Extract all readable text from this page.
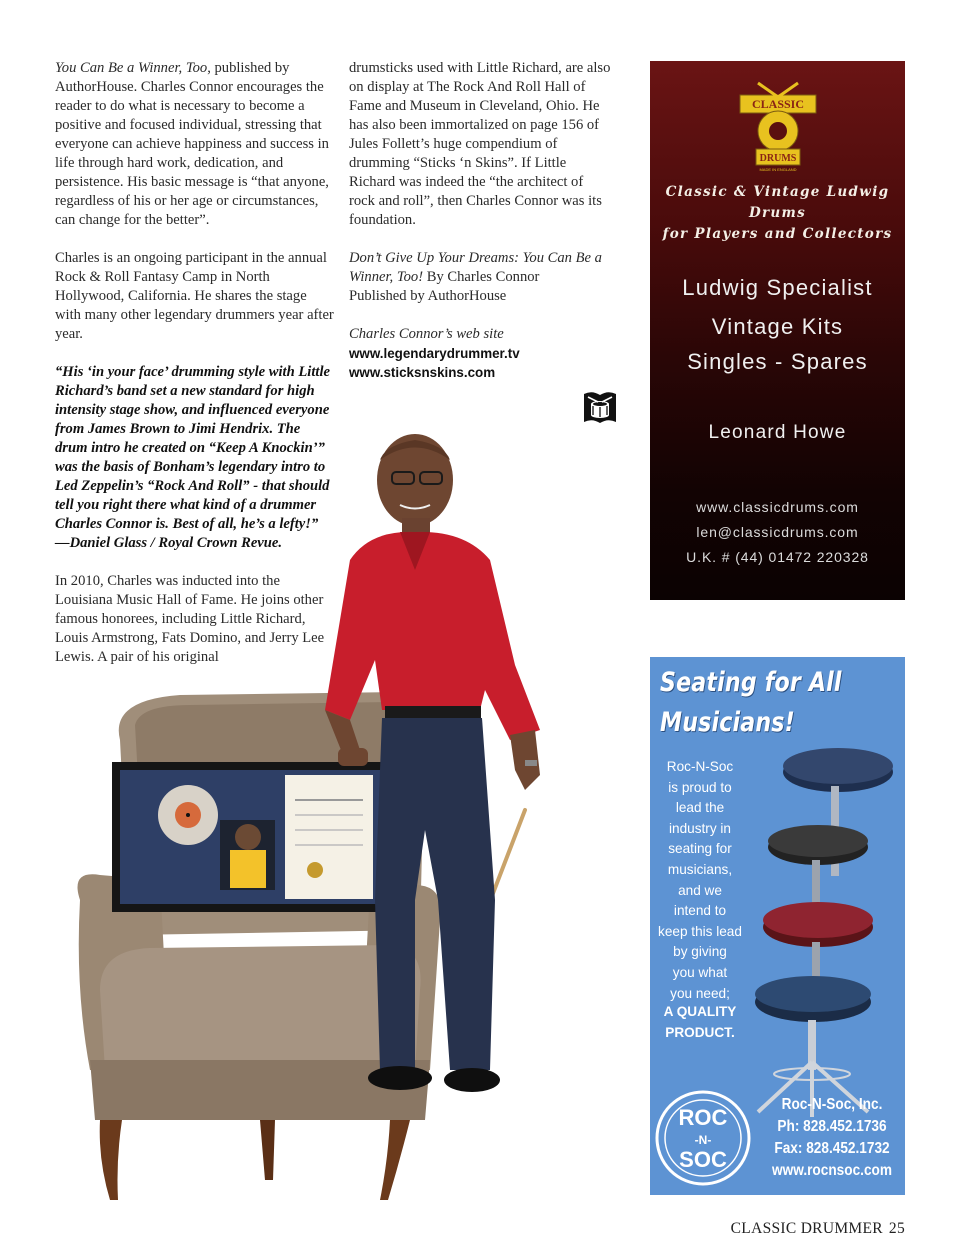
You Can Be a Winner, Too, published by AuthorHouse. Charles Connor encourages the reader to do what is necessary to become a positive and focused individual, stressing that everyone can achieve happiness and success in life through hard work, dedication, and persistence. His basic message is “that anyone, regardless of his or her age or circumstances, can change for the better”.

Charles is an ongoing participant in the annual Rock & Roll Fantasy Camp in North Hollywood, California. He shares the stage with many other legendary drummers year after year.

“His ‘in your face’ drumming style with Little Richard’s band set a new standard for high intensity stage show, and influenced everyone from James Brown to Jimi Hendrix. The drum intro he created on “Keep A Knockin’” was the basis of Bonham’s legendary intro to Led Zeppelin’s “Rock And Roll” - that should tell you right there what kind of a drummer Charles Connor is. Best of all, he’s a lefty!”
—Daniel Glass / Royal Crown Revue.

In 2010, Charles was inducted into the Louisiana Music Hall of Fame. He joins other famous honorees, including Little Richard, Louis Armstrong, Fats Domino, and Jerry Lee Lewis. A pair of his original

drumsticks used with Little Richard, are also on display at The Rock And Roll Hall of Fame and Museum in Cleveland, Ohio. He has also been immortalized on page 156 of Jules Follett’s huge compendium of drumming “Sticks ‘n Skins”. If Little Richard was indeed the “the architect of rock and roll”, then Charles Connor was its foundation.

Don’t Give Up Your Dreams: You Can Be a Winner, Too! By Charles Connor
Published by AuthorHouse

Charles Connor’s web site
www.legendarydrummer.tv
www.sticksnskins.com

CLASSIC
DRUMS
MADE IN ENGLAND
Classic & Vintage Ludwig Drums
for Players and Collectors
Ludwig Specialist
Vintage Kits
Singles - Spares
Leonard Howe
www.classicdrums.com
len@classicdrums.com
U.K. # (44) 01472 220328
Seating for All
Musicians!
Roc-N-Soc
is proud to
lead the
industry in
seating for
musicians,
and we
intend to
keep this lead
by giving
you what
you need;
A QUALITY
PRODUCT.
ROC
-N-
SOC
Roc-N-Soc, Inc.
Ph: 828.452.1736
Fax: 828.452.1732
www.rocnsoc.com
CLASSIC DRUMMER 25
